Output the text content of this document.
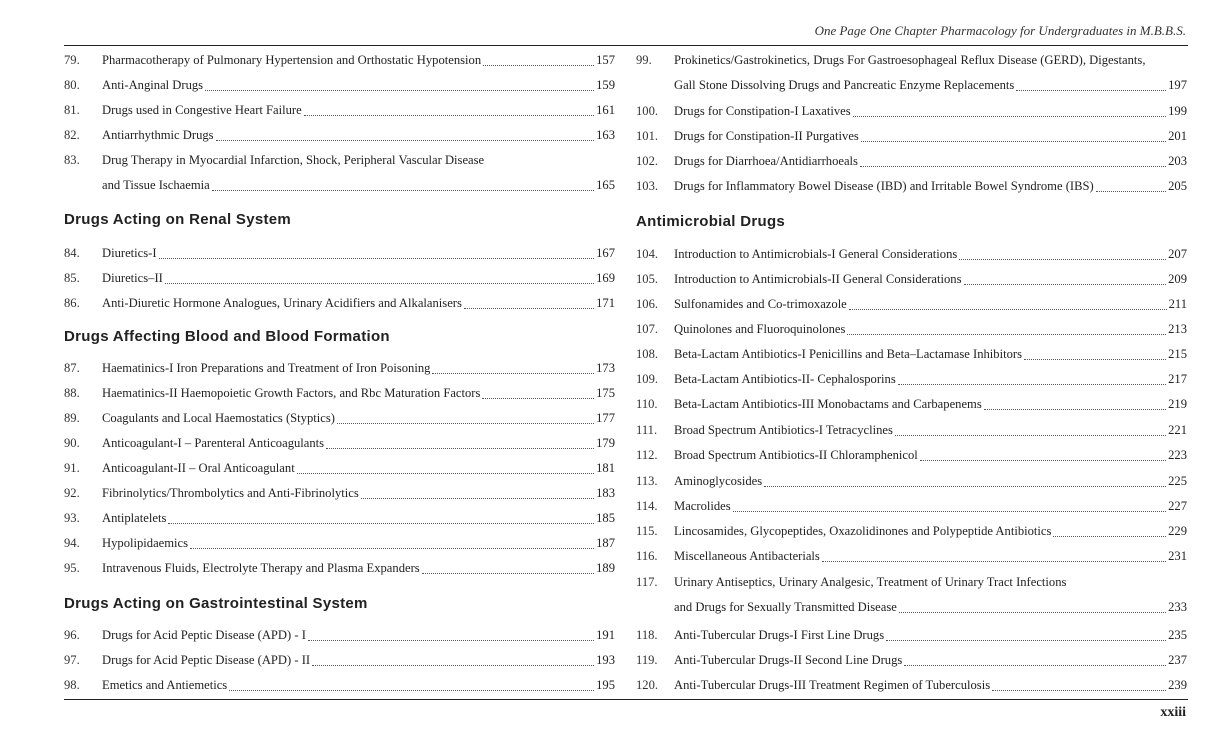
One Page One Chapter Pharmacology for Undergraduates in M.B.B.S.
79.	Pharmacotherapy of Pulmonary Hypertension and Orthostatic Hypotension	157
80.	Anti-Anginal Drugs	159
81.	Drugs used in Congestive Heart Failure	161
82.	Antiarrhythmic Drugs	163
83.	Drug Therapy in Myocardial Infarction, Shock, Peripheral Vascular Disease
and Tissue Ischaemia	165
Drugs Acting on Renal System
84.	Diuretics-I	167
85.	Diuretics–II	169
86.	Anti-Diuretic Hormone Analogues, Urinary Acidifiers and Alkalanisers	171
Drugs Affecting Blood and Blood Formation
87.	Haematinics-I Iron Preparations and Treatment of Iron Poisoning	173
88.	Haematinics-II Haemopoietic Growth Factors, and Rbc Maturation Factors	175
89.	Coagulants and Local Haemostatics (Styptics)	177
90.	Anticoagulant-I – Parenteral Anticoagulants	179
91.	Anticoagulant-II – Oral Anticoagulant	181
92.	Fibrinolytics/Thrombolytics and Anti-Fibrinolytics	183
93.	Antiplatelets	185
94.	Hypolipidaemics	187
95.	Intravenous Fluids, Electrolyte Therapy and Plasma Expanders	189
Drugs Acting on Gastrointestinal System
96.	Drugs for Acid Peptic Disease (APD) - I	191
97.	Drugs for Acid Peptic Disease (APD) - II	193
98.	Emetics and Antiemetics	195
99.	Prokinetics/Gastrokinetics, Drugs For Gastroesophageal Reflux Disease (GERD), Digestants,
Gall Stone Dissolving Drugs and Pancreatic Enzyme Replacements	197
100.	Drugs for Constipation-I Laxatives	199
101.	Drugs for Constipation-II Purgatives	201
102.	Drugs for Diarrhoea/Antidiarrhoeals	203
103.	Drugs for Inflammatory Bowel Disease (IBD) and Irritable Bowel Syndrome (IBS)	205
Antimicrobial Drugs
104.	Introduction to Antimicrobials-I General Considerations	207
105.	Introduction to Antimicrobials-II General Considerations	209
106.	Sulfonamides and Co-trimoxazole	211
107.	Quinolones and Fluoroquinolones	213
108.	Beta-Lactam Antibiotics-I Penicillins and Beta–Lactamase Inhibitors	215
109.	Beta-Lactam Antibiotics-II- Cephalosporins	217
110.	Beta-Lactam Antibiotics-III Monobactams and Carbapenems	219
111.	Broad Spectrum Antibiotics-I Tetracyclines	221
112.	Broad Spectrum Antibiotics-II Chloramphenicol	223
113.	Aminoglycosides	225
114.	Macrolides	227
115.	Lincosamides, Glycopeptides, Oxazolidinones and Polypeptide Antibiotics	229
116.	Miscellaneous Antibacterials	231
117.	Urinary Antiseptics, Urinary Analgesic, Treatment of Urinary Tract Infections
and Drugs for Sexually Transmitted Disease	233
118.	Anti-Tubercular Drugs-I First Line Drugs	235
119.	Anti-Tubercular Drugs-II Second Line Drugs	237
120.	Anti-Tubercular Drugs-III Treatment Regimen of Tuberculosis	239
xxiii
